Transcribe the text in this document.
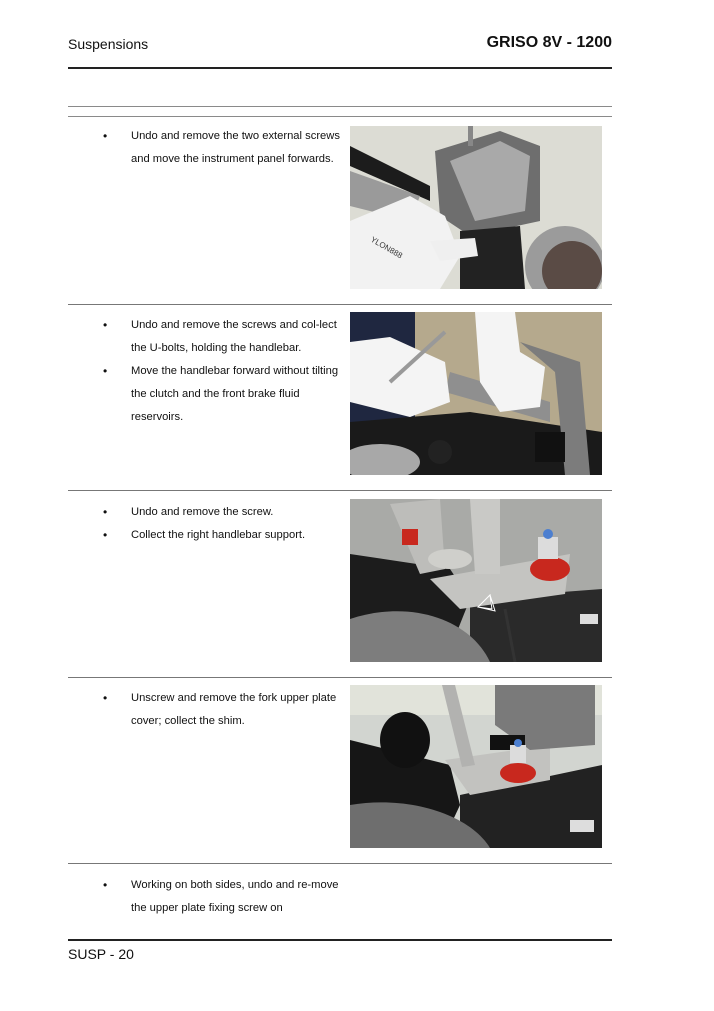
Suspensions	GRISO 8V - 1200
•	Undo and remove the two external screws and move the instrument panel forwards.
YLON888
•	Undo and remove the screws and col-lect the U-bolts, holding the handlebar.
•	Move the handlebar forward without tilting the clutch and the front brake fluid reservoirs.
•	Undo and remove the screw.
•	Collect the right handlebar support.
•	Unscrew and remove the fork upper plate cover; collect the shim.
•	Working on both sides, undo and re-move the upper plate fixing screw on
SUSP - 20
